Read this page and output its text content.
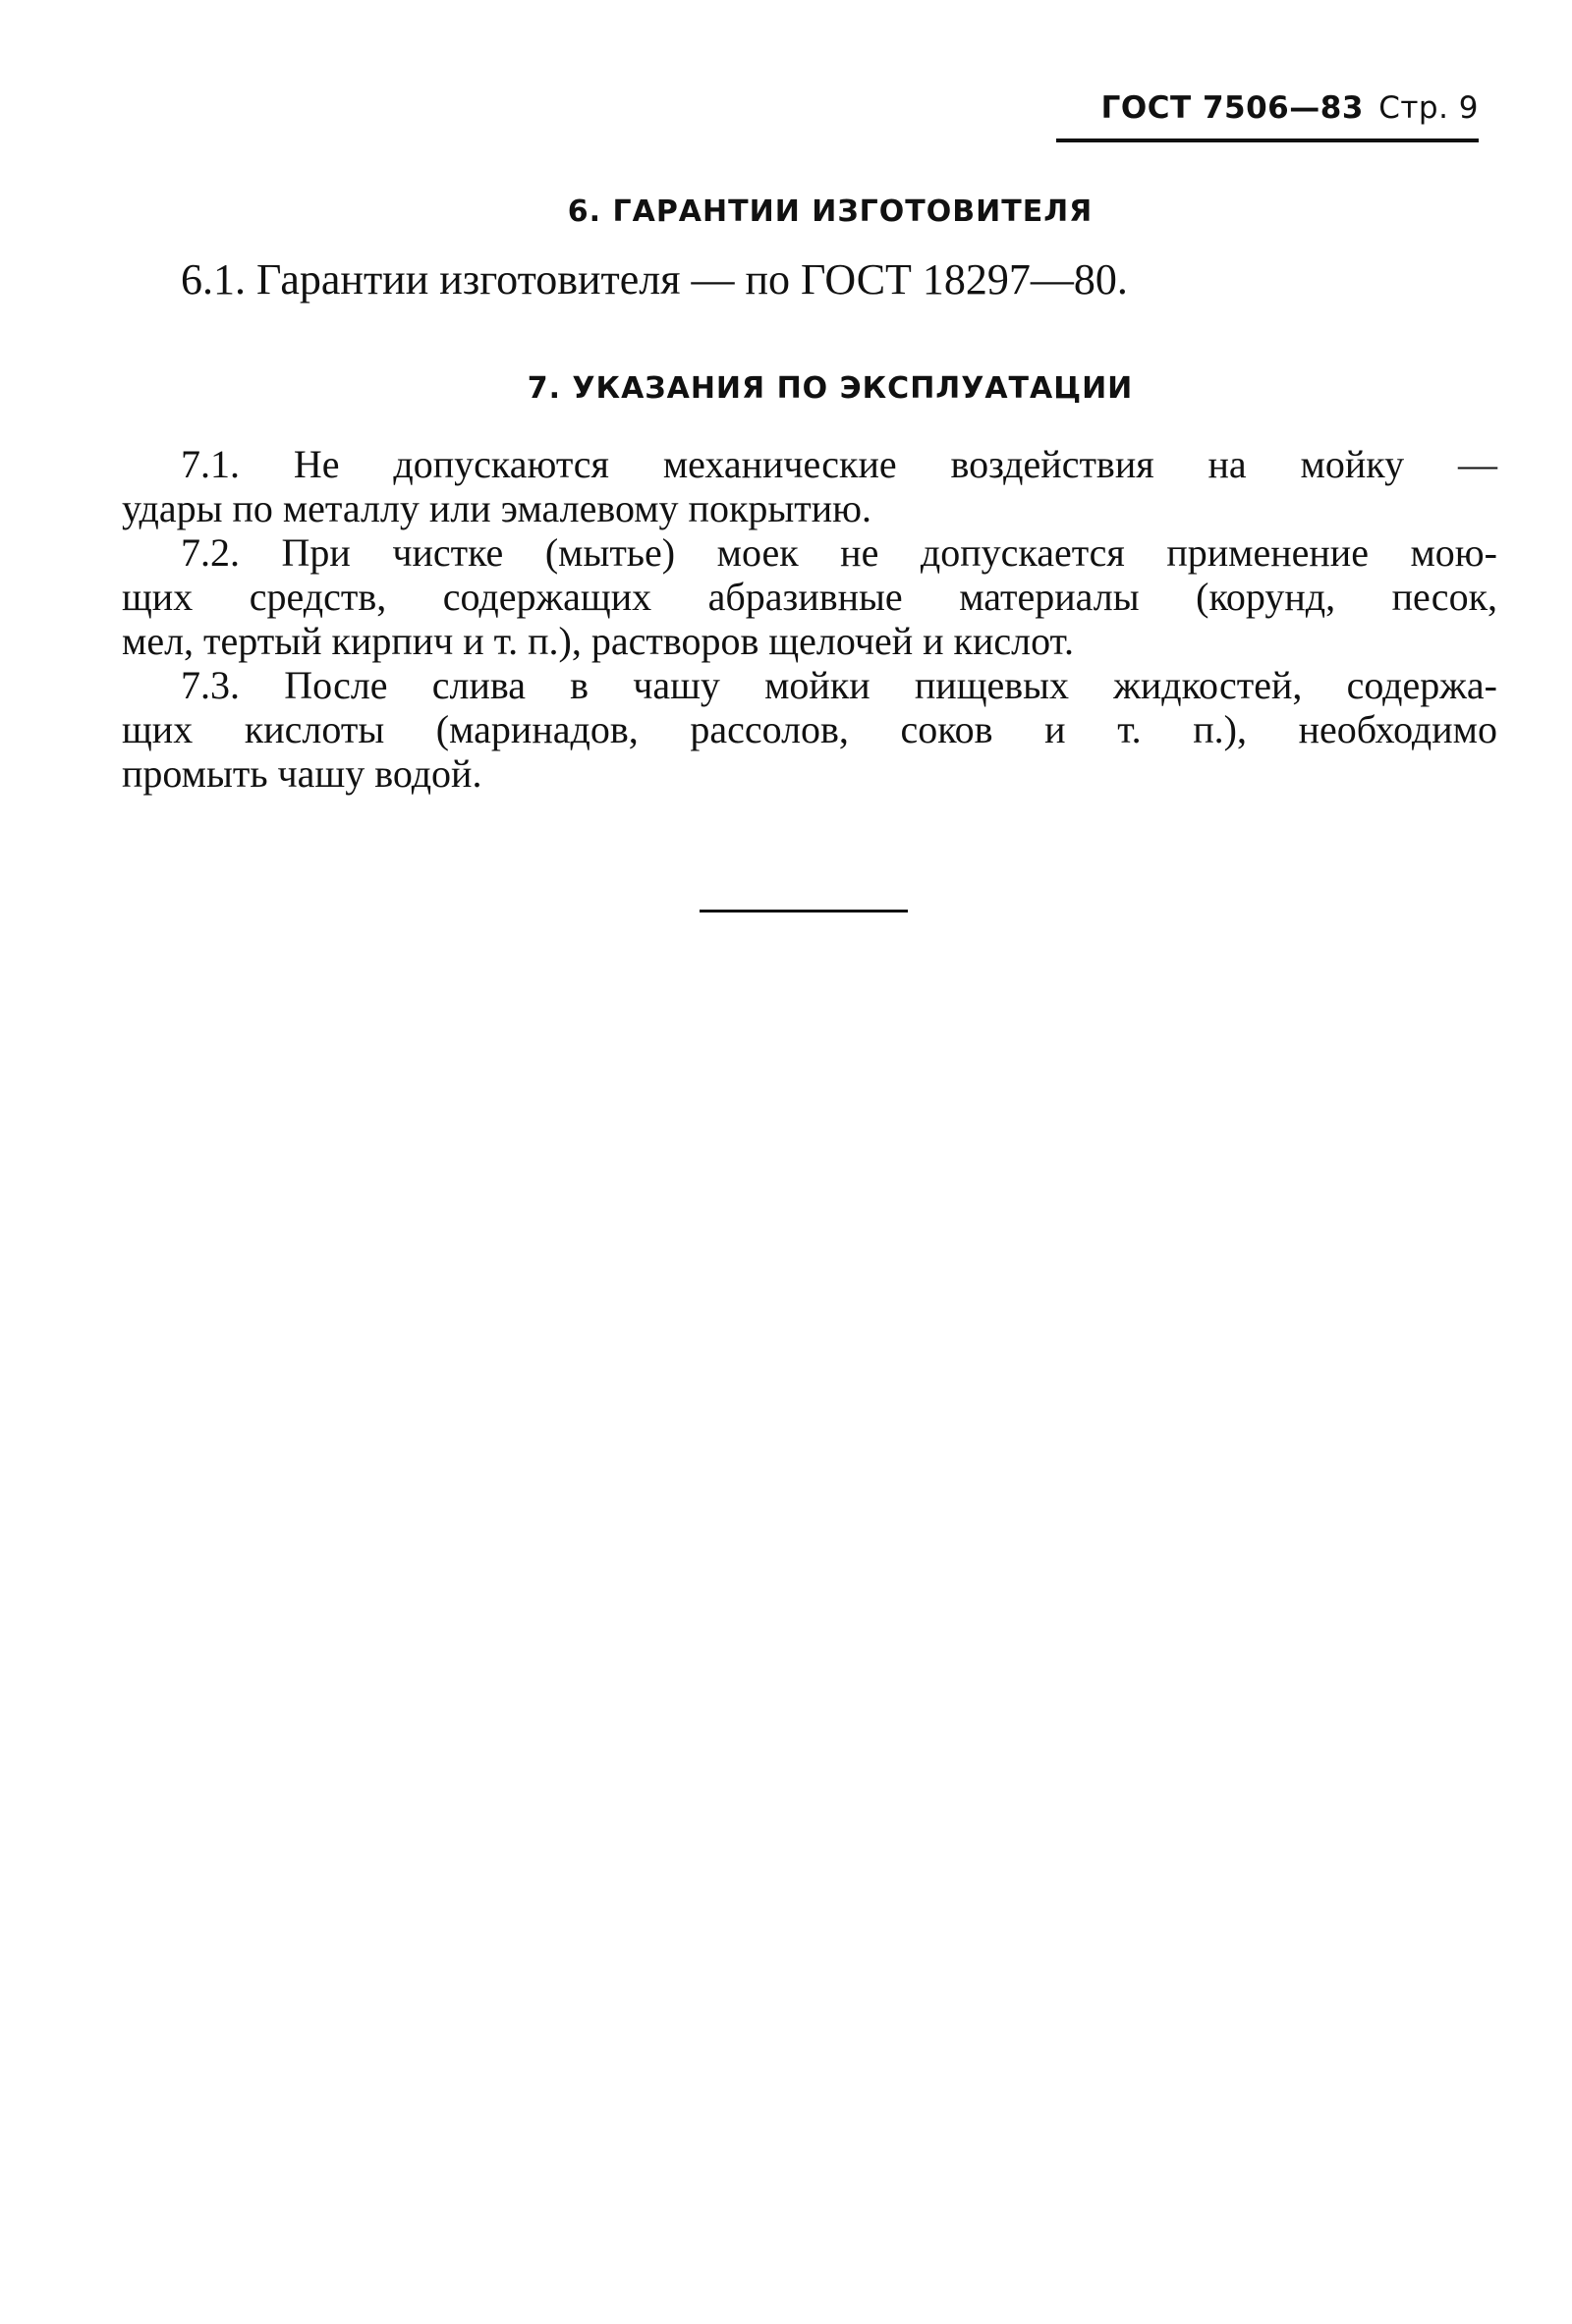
ГОСТ 7506—83 Стр. 9
6. ГАРАНТИИ ИЗГОТОВИТЕЛЯ
6.1. Гарантии изготовителя — по ГОСТ 18297—80.
7. УКАЗАНИЯ ПО ЭКСПЛУАТАЦИИ
7.1. Не допускаются механические воздействия на мойку —
удары по металлу или эмалевому покрытию.
7.2. При чистке (мытье) моек не допускается применение мою-
щих средств, содержащих абразивные материалы (корунд, песок,
мел, тертый кирпич и т. п.), растворов щелочей и кислот.
7.3. После слива в чашу мойки пищевых жидкостей, содержа-
щих кислоты (маринадов, рассолов, соков и т. п.), необходимо
промыть чашу водой.
